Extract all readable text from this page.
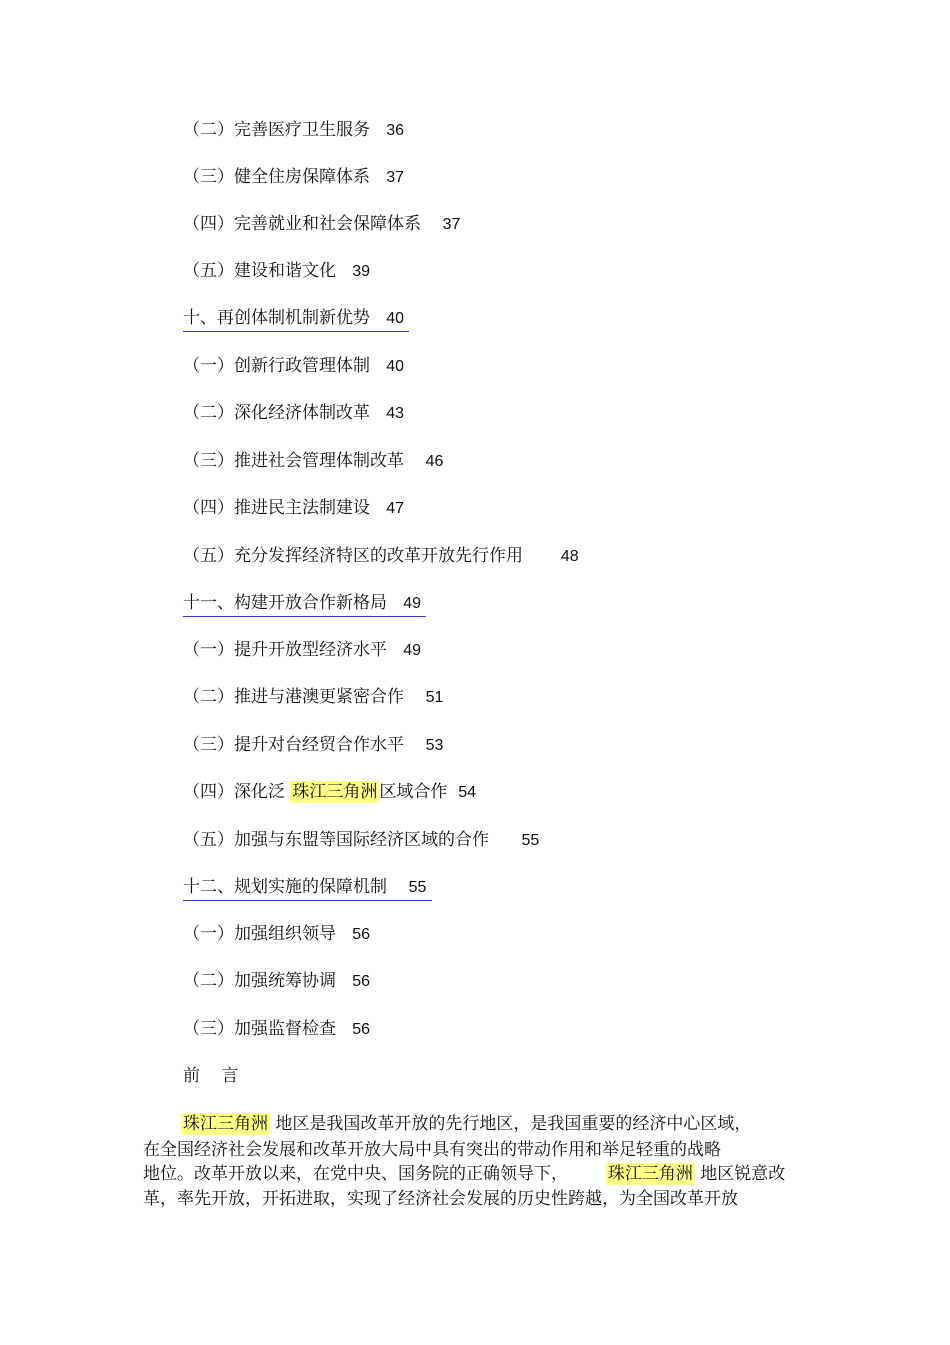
（二）完善医疗卫生服务 36
（三）健全住房保障体系 37
（四）完善就业和社会保障体系 37
（五）建设和谐文化 39
十、再创体制机制新优势 40
（一）创新行政管理体制 40
（二）深化经济体制改革 43
（三）推进社会管理体制改革 46
（四）推进民主法制建设 47
（五）充分发挥经济特区的改革开放先行作用 48
十一、构建开放合作新格局 49
（一）提升开放型经济水平 49
（二）推进与港澳更紧密合作 51
（三）提升对台经贸合作水平 53
（四）深化泛 珠江三角洲 区域合作 54
（五）加强与东盟等国际经济区域的合作 55
十二、规划实施的保障机制 55
（一）加强组织领导 56
（二）加强统筹协调 56
（三）加强监督检查 56
前 言
珠江三角洲 地区是我国改革开放的先行地区，是我国重要的经济中心区域，
在全国经济社会发展和改革开放大局中具有突出的带动作用和举足轻重的战略
地位。改革开放以来，在党中央、国务院的正确领导下， 珠江三角洲 地区锐意改
革，率先开放，开拓进取，实现了经济社会发展的历史性跨越，为全国改革开放
